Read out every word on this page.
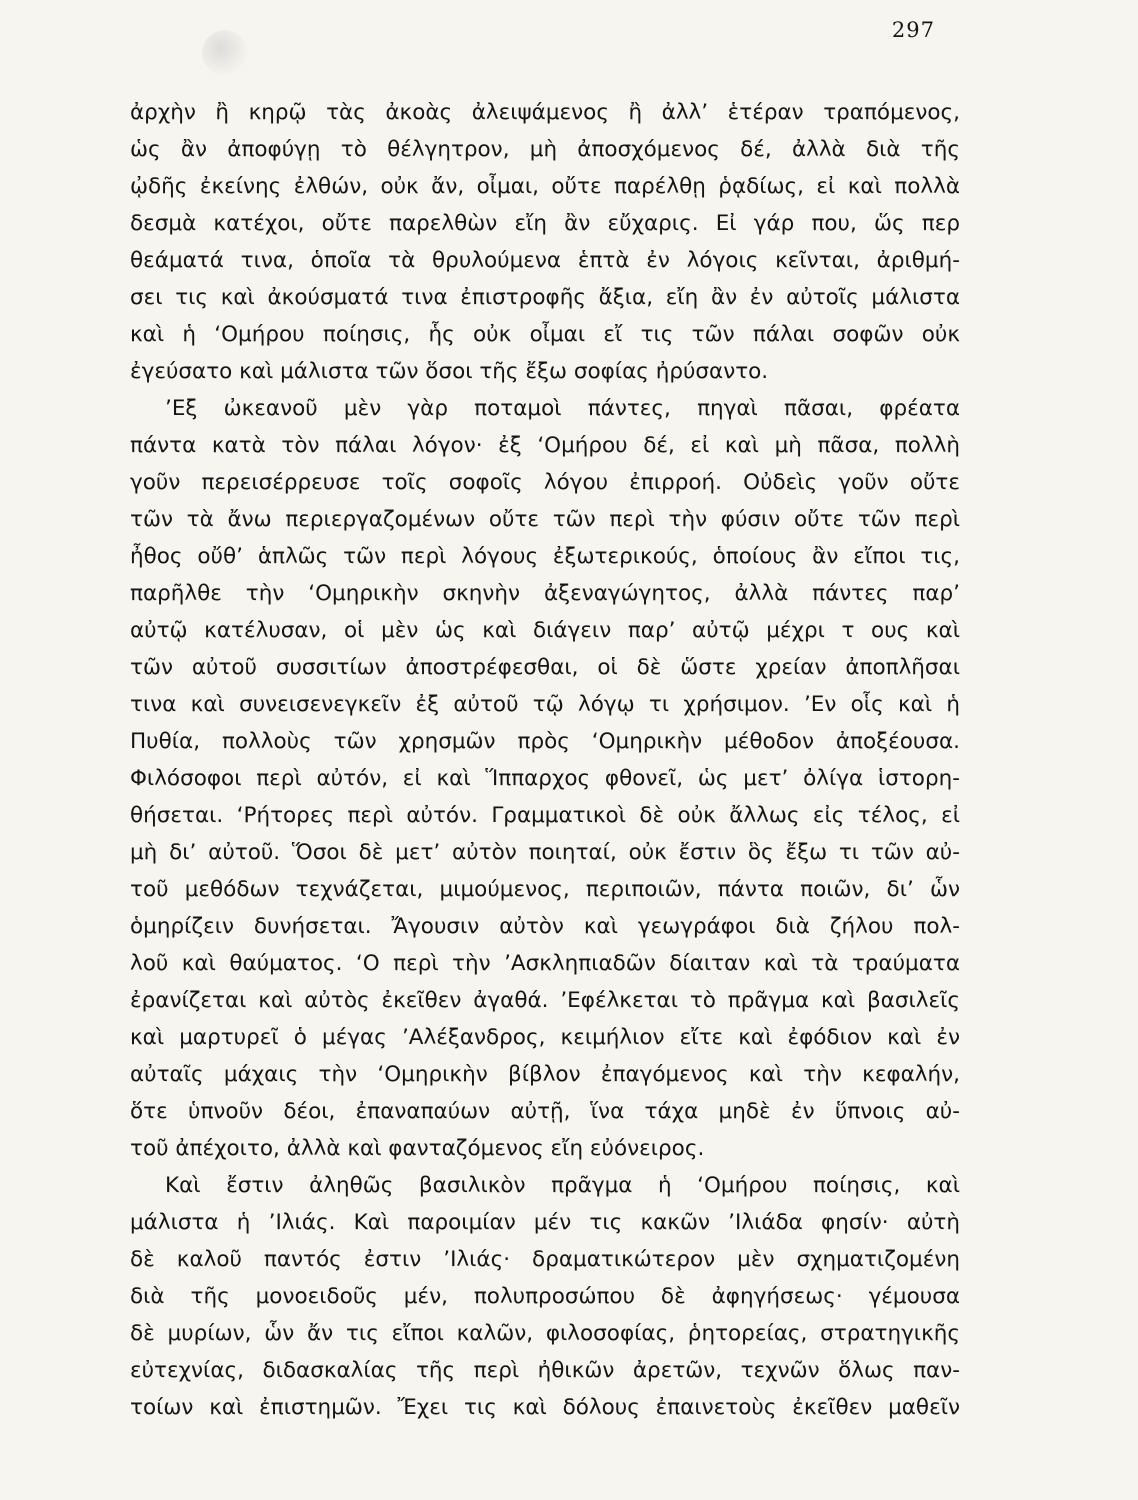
297
ἀρχὴν ἢ κηρῷ τὰς ἀκοὰς ἀλειψάμενος ἢ ἀλλ’ ἑτέραν τραπόμενος,
ὡς ἂν ἀποφύγῃ τὸ θέλγητρον, μὴ ἀποσχόμενος δέ, ἀλλὰ διὰ τῆς
ᾠδῆς ἐκείνης ἐλθών, οὐκ ἄν, οἶμαι, οὔτε παρέλθῃ ῥᾳδίως, εἰ καὶ πολλὰ
δεσμὰ κατέχοι, οὔτε παρελθὼν εἴη ἂν εὔχαρις. Εἰ γάρ που, ὥς περ
θεάματά τινα, ὁποῖα τὰ θρυλούμενα ἑπτὰ ἐν λόγοις κεῖνται, ἀριθμή-
σει τις καὶ ἀκούσματά τινα ἐπιστροφῆς ἄξια, εἴη ἂν ἐν αὐτοῖς μάλιστα
καὶ ἡ ‘Ομήρου ποίησις, ἧς οὐκ οἶμαι εἴ τις τῶν πάλαι σοφῶν οὐκ
ἐγεύσατο καὶ μάλιστα τῶν ὅσοι τῆς ἔξω σοφίας ἠρύσαντο.
’Εξ ὠκεανοῦ μὲν γὰρ ποταμοὶ πάντες, πηγαὶ πᾶσαι, φρέατα
πάντα κατὰ τὸν πάλαι λόγον· ἐξ ‘Ομήρου δέ, εἰ καὶ μὴ πᾶσα, πολλὴ
γοῦν περεισέρρευσε τοῖς σοφοῖς λόγου ἐπιρροή. Οὐδεὶς γοῦν οὔτε
τῶν τὰ ἄνω περιεργαζομένων οὔτε τῶν περὶ τὴν φύσιν οὔτε τῶν περὶ
ἦθος οὔθ’ ἁπλῶς τῶν περὶ λόγους ἐξωτερικούς, ὁποίους ἂν εἴποι τις,
παρῆλθε τὴν ‘Ομηρικὴν σκηνὴν ἀξεναγώγητος, ἀλλὰ πάντες παρ’
αὐτῷ κατέλυσαν, οἱ μὲν ὡς καὶ διάγειν παρ’ αὐτῷ μέχρι τ ους καὶ
τῶν αὐτοῦ συσσιτίων ἀποστρέφεσθαι, οἱ δὲ ὥστε χρείαν ἀποπλῆσαι
τινα καὶ συνεισενεγκεῖν ἐξ αὐτοῦ τῷ λόγῳ τι χρήσιμον. ’Εν οἷς καὶ ἡ
Πυθία, πολλοὺς τῶν χρησμῶν πρὸς ‘Ομηρικὴν μέθοδον ἀποξέουσα.
Φιλόσοφοι περὶ αὐτόν, εἰ καὶ Ἵππαρχος φθονεῖ, ὡς μετ’ ὀλίγα ἱστορη-
θήσεται. ‘Ρήτορες περὶ αὐτόν. Γραμματικοὶ δὲ οὐκ ἄλλως εἰς τέλος, εἰ
μὴ δι’ αὐτοῦ. Ὅσοι δὲ μετ’ αὐτὸν ποιηταί, οὐκ ἔστιν ὃς ἔξω τι τῶν αὐ-
τοῦ μεθόδων τεχνάζεται, μιμούμενος, περιποιῶν, πάντα ποιῶν, δι’ ὧν
ὁμηρίζειν δυνήσεται. Ἄγουσιν αὐτὸν καὶ γεωγράφοι διὰ ζήλου πολ-
λοῦ καὶ θαύματος. ‘Ο περὶ τὴν ’Ασκληπιαδῶν δίαιταν καὶ τὰ τραύματα
ἐρανίζεται καὶ αὐτὸς ἐκεῖθεν ἀγαθά. ’Εφέλκεται τὸ πρᾶγμα καὶ βασιλεῖς
καὶ μαρτυρεῖ ὁ μέγας ’Αλέξανδρος, κειμήλιον εἴτε καὶ ἐφόδιον καὶ ἐν
αὐταῖς μάχαις τὴν ‘Ομηρικὴν βίβλον ἐπαγόμενος καὶ τὴν κεφαλήν,
ὅτε ὑπνοῦν δέοι, ἐπαναπαύων αὐτῇ, ἵνα τάχα μηδὲ ἐν ὕπνοις αὐ-
τοῦ ἀπέχοιτο, ἀλλὰ καὶ φανταζόμενος εἴη εὐόνειρος.
Καὶ ἔστιν ἀληθῶς βασιλικὸν πρᾶγμα ἡ ‘Ομήρου ποίησις, καὶ
μάλιστα ἡ ’Ιλιάς. Καὶ παροιμίαν μέν τις κακῶν ’Ιλιάδα φησίν· αὐτὴ
δὲ καλοῦ παντός ἐστιν ’Ιλιάς· δραματικώτερον μὲν σχηματιζομένη
διὰ τῆς μονοειδοῦς μέν, πολυπροσώπου δὲ ἀφηγήσεως· γέμουσα
δὲ μυρίων, ὧν ἄν τις εἴποι καλῶν, φιλοσοφίας, ῥητορείας, στρατηγικῆς
εὐτεχνίας, διδασκαλίας τῆς περὶ ἠθικῶν ἀρετῶν, τεχνῶν ὅλως παν-
τοίων καὶ ἐπιστημῶν. Ἔχει τις καὶ δόλους ἐπαινετοὺς ἐκεῖθεν μαθεῖν
